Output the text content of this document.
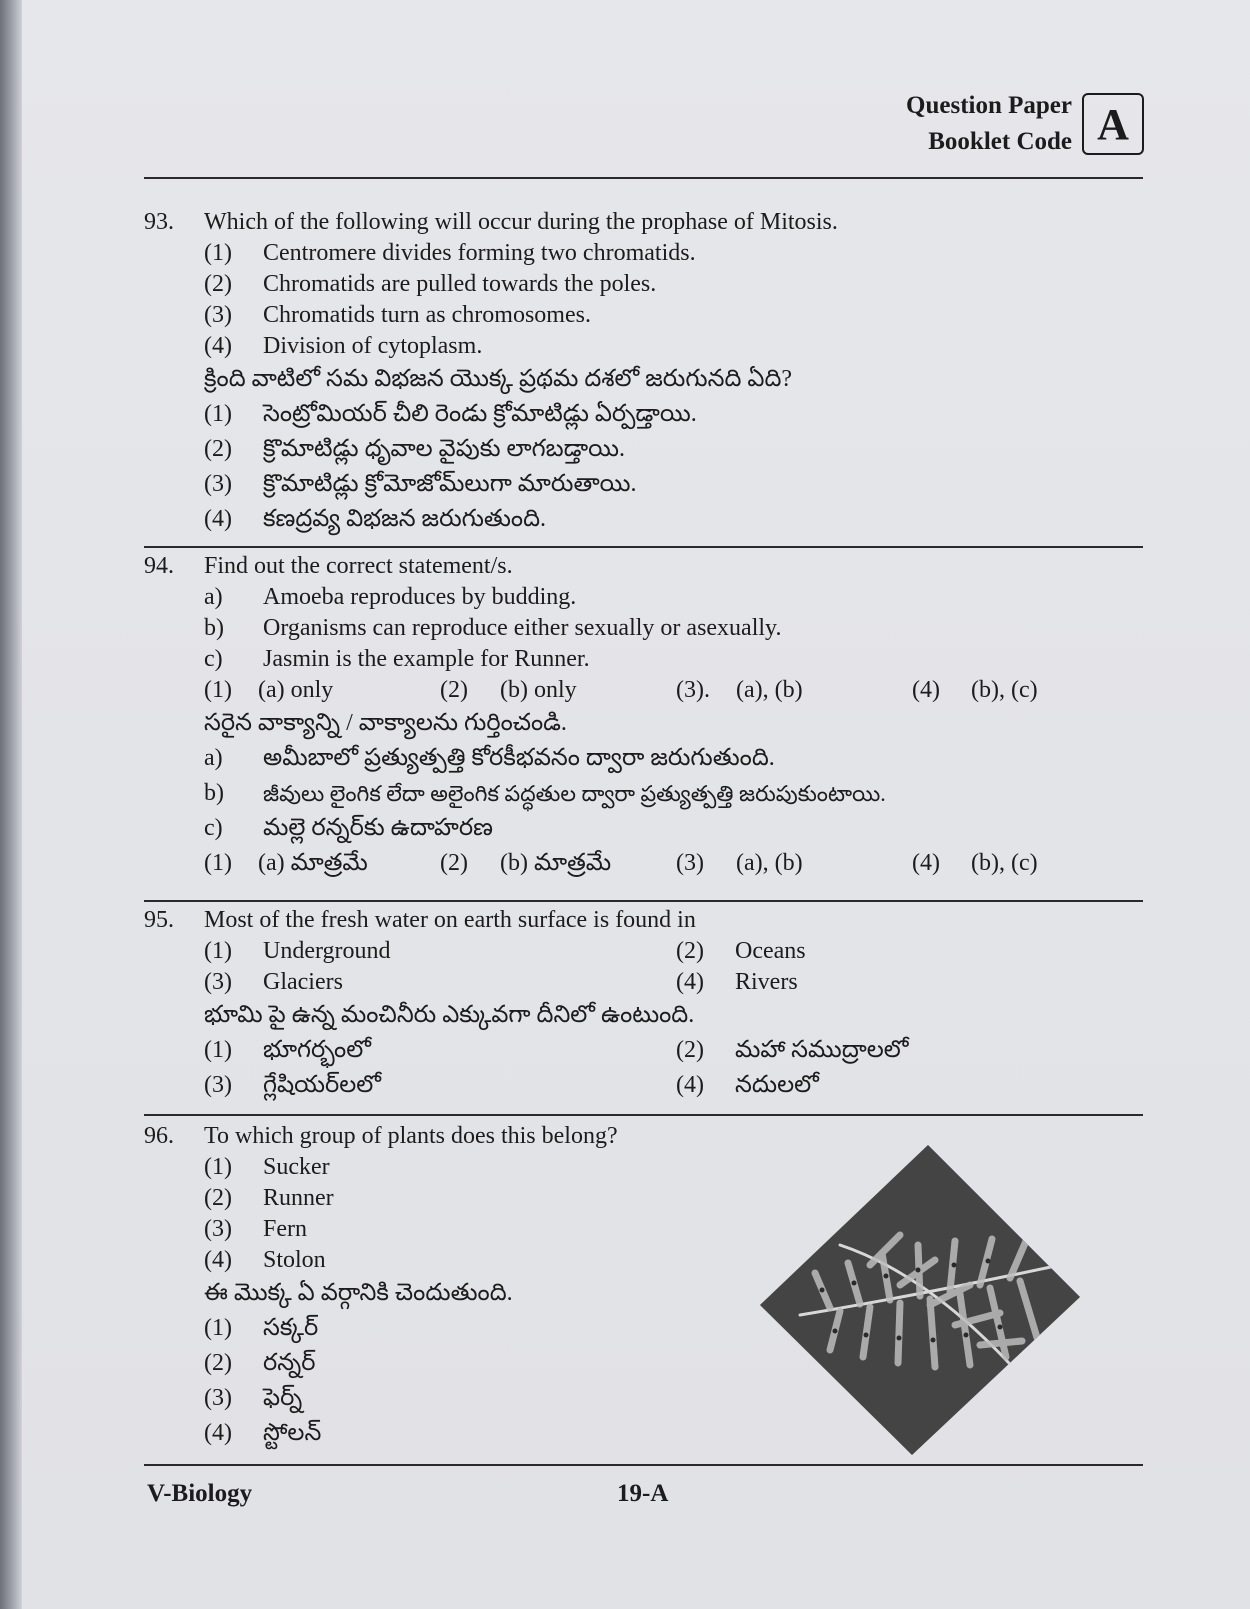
Question Paper
Booklet Code A
93. Which of the following will occur during the prophase of Mitosis.
(1) Centromere divides forming two chromatids.
(2) Chromatids are pulled towards the poles.
(3) Chromatids turn as chromosomes.
(4) Division of cytoplasm.
క్రింది వాటిలో సమ విభజన యొక్క ప్రథమ దశలో జరుగునది ఏది?
(1) సెంట్రోమియర్ చీలి రెండు క్రోమాటిడ్లు ఏర్పడ్తాయి.
(2) క్రొమాటిడ్లు ధృవాల వైపుకు లాగబడ్తాయి.
(3) క్రొమాటిడ్లు క్రోమోజోమ్‌లుగా మారుతాయి.
(4) కణద్రవ్య విభజన జరుగుతుంది.
94. Find out the correct statement/s.
a) Amoeba reproduces by budding.
b) Organisms can reproduce either sexually or asexually.
c) Jasmin is the example for Runner.
(1) (a) only	(2) (b) only	(3). (a), (b)	(4) (b), (c)
సరైన వాక్యాన్ని / వాక్యాలను గుర్తించండి.
a) అమీబాలో ప్రత్యుత్పత్తి కోరకీభవనం ద్వారా జరుగుతుంది.
b) జీవులు లైంగిక లేదా అలైంగిక పద్ధతుల ద్వారా ప్రత్యుత్పత్తి జరుపుకుంటాయి.
c) మల్లె రన్నర్‌కు ఉదాహరణ
(1) (a) మాత్రమే	(2) (b) మాత్రమే	(3) (a), (b)	(4) (b), (c)
95. Most of the fresh water on earth surface is found in
(1) Underground	(2) Oceans
(3) Glaciers	(4) Rivers
భూమి పై ఉన్న మంచినీరు ఎక్కువగా దీనిలో ఉంటుంది.
(1) భూగర్భంలో	(2) మహా సముద్రాలలో
(3) గ్లేషియర్‌లలో	(4) నదులలో
96. To which group of plants does this belong?
(1) Sucker
(2) Runner
(3) Fern
(4) Stolon
ఈ మొక్క ఏ వర్గానికి చెందుతుంది.
(1) సక్కర్
(2) రన్నర్
(3) ఫెర్న్
(4) స్టోలన్
V-Biology	19-A
